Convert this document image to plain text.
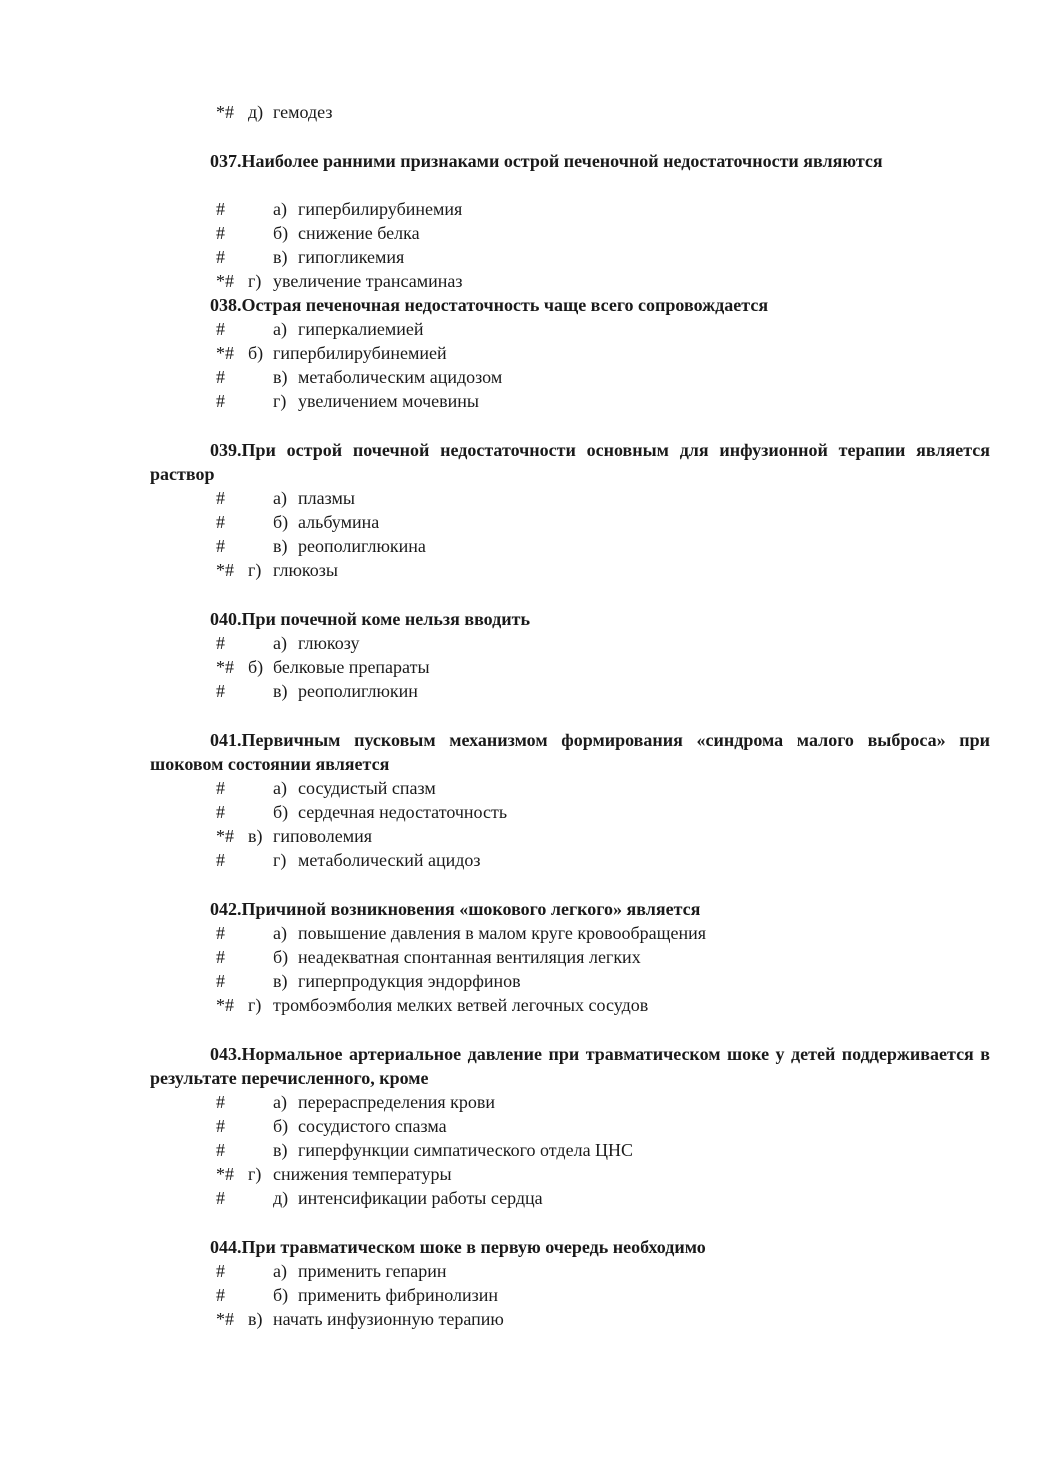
*# д) гемодез
037.Наиболее ранними признаками острой печеночной недостаточности являются
#	а) гипербилирубинемия
#	б) снижение белка
#	в) гипогликемия
*# г) увеличение трансаминаз
038.Острая печеночная недостаточность чаще всего сопровождается
#	а) гиперкалиемией
*# б) гипербилирубинемией
#	в) метаболическим ацидозом
#	г) увеличением мочевины
039.При острой почечной недостаточности основным для инфузионной терапии является раствор
#	а) плазмы
#	б) альбумина
#	в) реополиглюкина
*# г) глюкозы
040.При почечной коме нельзя вводить
#	а) глюкозу
*# б) белковые препараты
#	в) реополиглюкин
041.Первичным пусковым механизмом формирования «синдрома малого выброса» при шоковом состоянии является
#	а) сосудистый спазм
#	б) сердечная недостаточность
*# в) гиповолемия
#	г) метаболический ацидоз
042.Причиной возникновения «шокового легкого» является
#	а) повышение давления в малом круге кровообращения
#	б) неадекватная спонтанная вентиляция легких
#	в) гиперпродукция эндорфинов
*# г) тромбоэмболия мелких ветвей легочных сосудов
043.Нормальное артериальное давление при травматическом шоке у детей поддерживается в результате перечисленного, кроме
#	а) перераспределения крови
#	б) сосудистого спазма
#	в) гиперфункции симпатического отдела ЦНС
*# г) снижения температуры
#	д) интенсификации работы сердца
044.При травматическом шоке в первую очередь необходимо
#	а) применить гепарин
#	б) применить фибринолизин
*# в) начать инфузионную терапию
